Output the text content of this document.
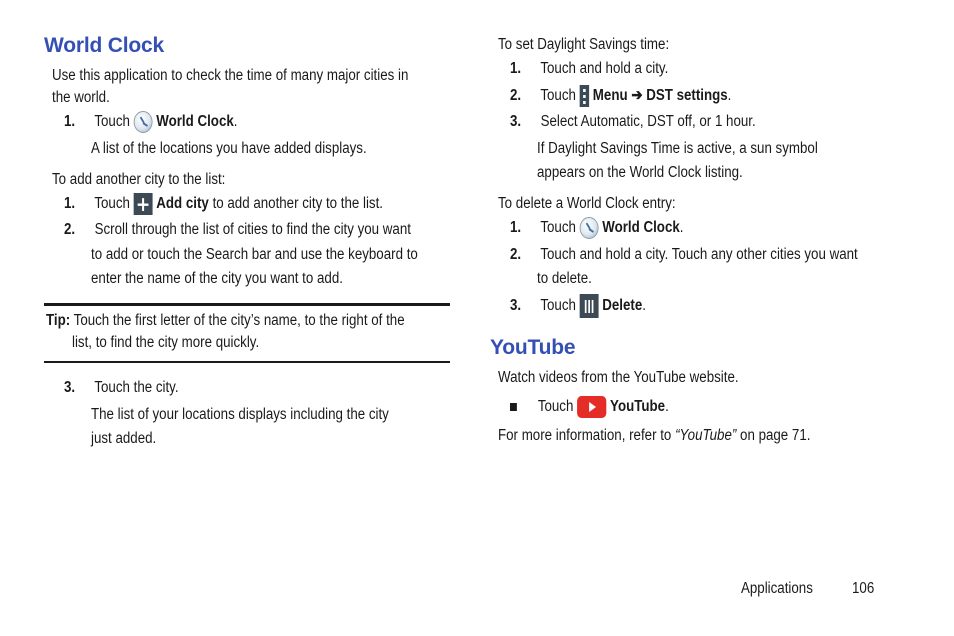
World Clock
Use this application to check the time of many major cities in
the world.
1. Touch World Clock.
A list of the locations you have added displays.
To add another city to the list:
1. Touch + Add city to add another city to the list.
2. Scroll through the list of cities to find the city you want
to add or touch the Search bar and use the keyboard to
enter the name of the city you want to add.
Tip: Touch the first letter of the city’s name, to the right of the
list, to find the city more quickly.
3. Touch the city.
The list of your locations displays including the city
just added.
To set Daylight Savings time:
1. Touch and hold a city.
2. Touch Menu ➔ DST settings.
3. Select Automatic, DST off, or 1 hour.
If Daylight Savings Time is active, a sun symbol
appears on the World Clock listing.
To delete a World Clock entry:
1. Touch World Clock.
2. Touch and hold a city. Touch any other cities you want
to delete.
3. Touch Delete.
YouTube
Watch videos from the YouTube website.
Touch YouTube.
For more information, refer to “YouTube” on page 71.
Applications	106
